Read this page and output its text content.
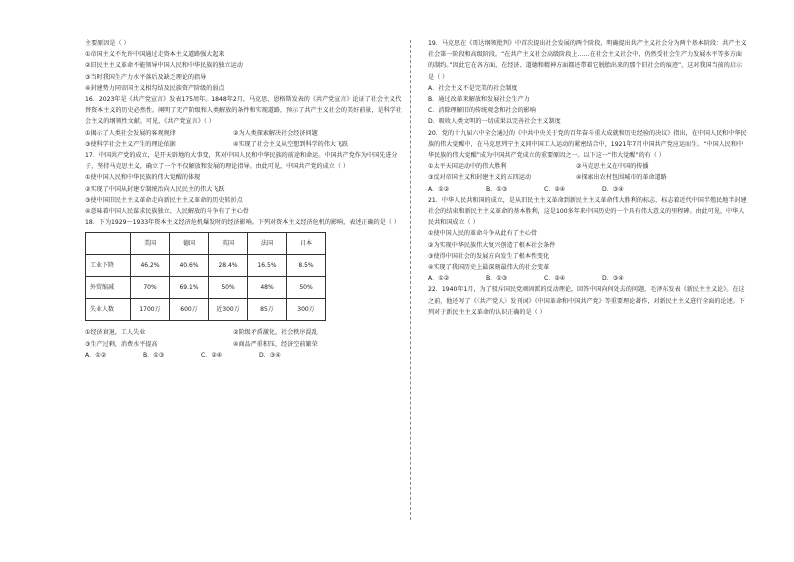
主要原因是（ ）
①帝国主义不允许中国通过走资本主义道路强大起来
②旧民主主义革命不能领导中国人民和中华民族的独立运动
③当时我国生产力水平落后及缺乏理论的指导
④封建势力同帝国主义相勾结及民族资产阶级的弱点
16．2023年是《共产党宣言》发表175周年。1848年2月，马克思、恩格斯发表的《共产党宣言》论证了社会主义代替资本主义的历史必然性，阐明了无产阶级和人类解放的条件和实现道路，预示了共产主义社会的美好前景，是科学社会主义的纲领性文献。可见，《共产党宣言》（ ）
①揭示了人类社会发展的客观规律	②为人类探索解决社会经济问题
③使科学社会主义产生的理论依据	④实现了社会主义从空想到科学的伟大飞跃
17．中国共产党的成立，是开天辟地的大事变，其对中国人民和中华民族的前途和命运。中国共产党作为中国先进分子，坚持马克思主义，确立了一个不仅解放和发展的理论指导。由此可见，中国共产党的成立（ ）
①使中国人民和中华民族的伟大觉醒的体现
②实现了中国从封建专制统治向人民民主的伟大飞跃
③使中国旧民主主义革命走向新民主主义革命的历史转折点
④意味着中国人民谋求民族独立、人民解放的斗争有了主心骨
18．下为1929～1933年资本主义经济危机爆发时的经济影响。下列对资本主义经济危机的影响，表述正确的是（ ）
	美国	德国	英国	法国	日本
工业下降	46.2%	40.6%	28.4%	16.5%	8.5%
外贸缩减	70%	69.1%	50%	48%	50%
失业人数	1700万	600万	近300万	85万	300万
①经济衰退，工人失业	②阶级矛盾激化，社会秩序混乱
③生产过剩，消费水平提高	④商品严重积压，经济空前繁荣
A．①②	B．①③	C．②④	D．③④
19．马克思在《哥达纲领批判》中首次提出社会发展的两个阶段，明确提出共产主义社会分为两个基本阶段：共产主义社会第一阶段和高级阶段。“在共产主义社会高级阶段上……在社会主义社会中，仍然受社会生产力发展水平等多方面的制约。”因此它在各方面，在经济、道德和精神方面都还带着它脱胎出来的那个旧社会的痕迹”，这对我国当前的启示是（ ）
A．社会主义不是完美的社会制度
B．通过改革来解放和发展社会生产力
C．消除理解旧的传统观念和社会的影响
D．吸收人类文明的一切成果以完善社会主义制度
20．党的十九届六中全会通过的《中共中央关于党的百年奋斗重大成就和历史经验的决议》指出，在中国人民和中华民族的伟大觉醒中，在马克思列宁主义同中国工人运动的紧密结合中，1921年7月中国共产党应运而生。“中国人民和中华民族的伟大觉醒”成为中国共产党成立的重要原因之一。以下这一“伟大觉醒”的有（ ）
①太平天国运动中的伟大胜利	②马克思主义在中国的传播
③反对帝国主义和封建主义的五四运动	④探索出农村包围城市的革命道路
A．①②	B．①③	C．②④	D．③④
21．中华人民共和国的成立，是从旧民主主义革命到新民主主义革命伟大胜利的标志，标志着近代中国半殖民地半封建社会的结束和新民主主义革命的基本胜利，这是100多年来中国历史的一个具有伟大意义的里程碑。由此可见，中华人民共和国成立（ ）
①使中国人民的革命斗争从此有了主心骨
②为实现中华民族伟大复兴创造了根本社会条件
③使得中国社会的发展方向发生了根本性变化
④实现了我国历史上最深刻最伟大的社会变革
A．①②	B．①③	C．②④	D．③④
22．1940年1月，为了驳斥国民党顽固派的反动理论，回答中国向何处去的问题，毛泽东发表《新民主主义论》。在这之前，他还写了《〈共产党人〉发刊词》《中国革命和中国共产党》等重要理论著作，对新民主主义进行全面的论述。下列对于新民主主义革命的认识正确的是（ ）
